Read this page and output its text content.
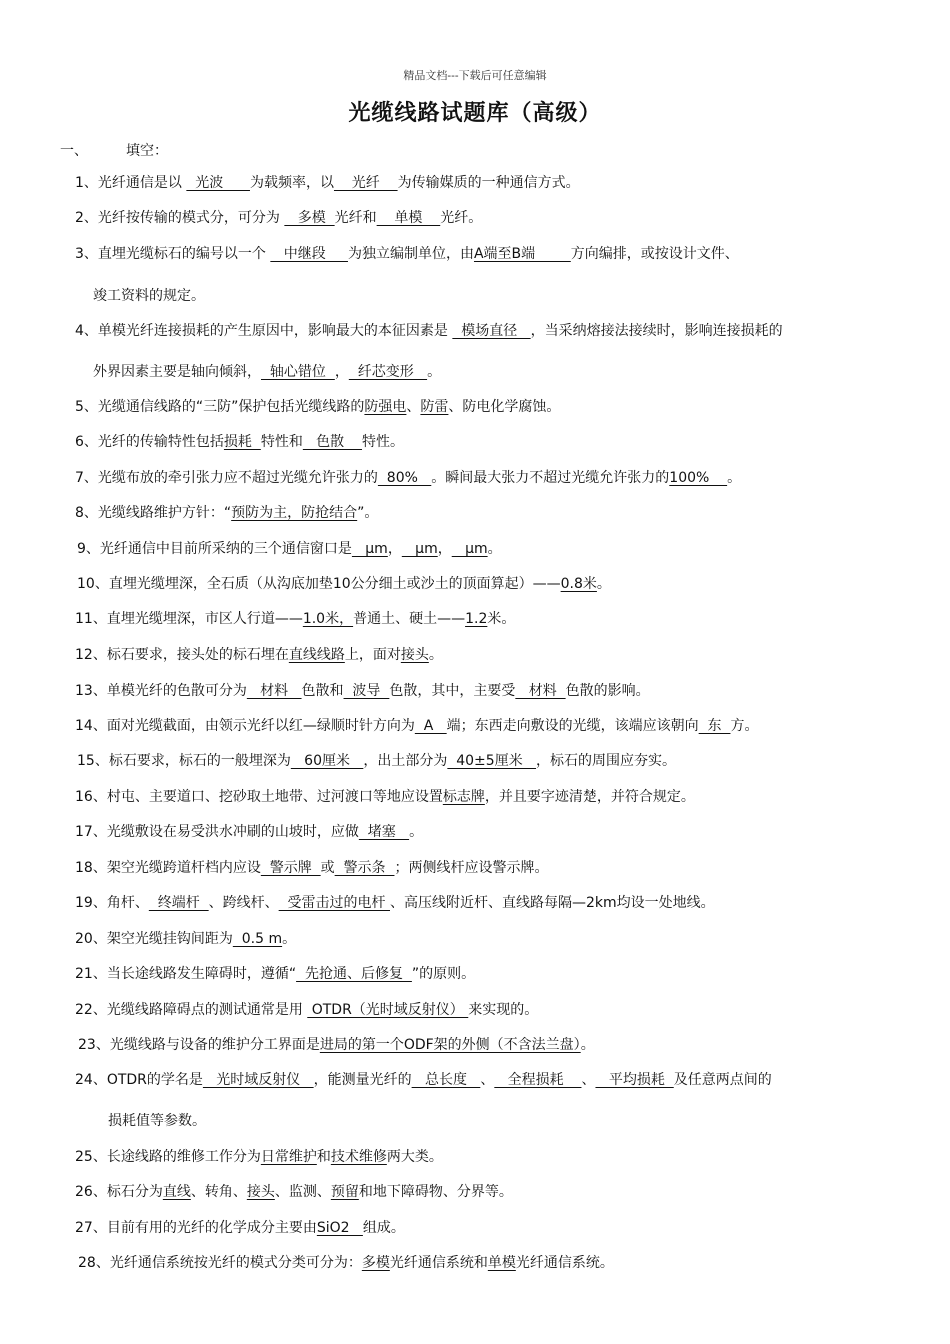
精品文档---下载后可任意编辑
光缆线路试题库（高级）
一、	填空：
1、光纤通信是以   光波      为载频率，以    光纤    为传输媒质的一种通信方式。
2、光纤按传输的模式分，可分为    多模  光纤和    单模    光纤。
3、直埋光缆标石的编号以一个    中继段     为独立编制单位，由A端至B端        方向编排，或按设计文件、
竣工资料的规定。
4、单模光纤连接损耗的产生原因中，影响最大的本征因素是   模场直径   ，当采纳熔接法接续时，影响连接损耗的
外界因素主要是轴向倾斜，  轴心错位  ，  纤芯变形   。
5、光缆通信线路的“三防”保护包括光缆线路的防强电、防雷、防电化学腐蚀。
6、光纤的传输特性包括损耗  特性和   色散    特性。
7、光缆布放的牵引张力应不超过光缆允许张力的  80%   。瞬间最大张力不超过光缆允许张力的100%    。
8、光缆线路维护方针：“预防为主，防抢结合”。
9、光纤通信中目前所采纳的三个通信窗口是   μm，   μm，   μm。
10、直埋光缆埋深，全石质（从沟底加垫10公分细土或沙土的顶面算起）——0.8米。
11、直埋光缆埋深，市区人行道——1.0米，普通土、硬土——1.2米。
12、标石要求，接头处的标石埋在直线线路上，面对接头。
13、单模光纤的色散可分为   材料   色散和  波导  色散，其中，主要受   材料  色散的影响。
14、面对光缆截面，由领示光纤以红—绿顺时针方向为  A   端；东西走向敷设的光缆，该端应该朝向  东  方。
15、标石要求，标石的一般埋深为   60厘米   ，出土部分为  40±5厘米   ，标石的周围应夯实。
16、村屯、主要道口、挖砂取土地带、过河渡口等地应设置标志牌，并且要字迹清楚，并符合规定。
17、光缆敷设在易受洪水冲刷的山坡时，应做  堵塞   。
18、架空光缆跨道杆档内应设  警示牌  或  警示条  ；两侧线杆应设警示牌。
19、角杆、  终端杆  、跨线杆、  受雷击过的电杆 、高压线附近杆、直线路每隔—2km均设一处地线。
20、架空光缆挂钩间距为  0.5 m。
21、当长途线路发生障碍时，遵循“  先抢通、后修复  ”的原则。
22、光缆线路障碍点的测试通常是用  OTDR（光时域反射仪） 来实现的。
23、光缆线路与设备的维护分工界面是进局的第一个ODF架的外侧（不含法兰盘）。
24、OTDR的学名是   光时域反射仪   ，能测量光纤的   总长度   、   全程损耗    、   平均损耗  及任意两点间的
损耗值等参数。
25、长途线路的维修工作分为日常维护和技术维修两大类。
26、标石分为直线、转角、接头、监测、预留和地下障碍物、分界等。
27、目前有用的光纤的化学成分主要由SiO2   组成。
28、光纤通信系统按光纤的模式分类可分为：多模光纤通信系统和单模光纤通信系统。
